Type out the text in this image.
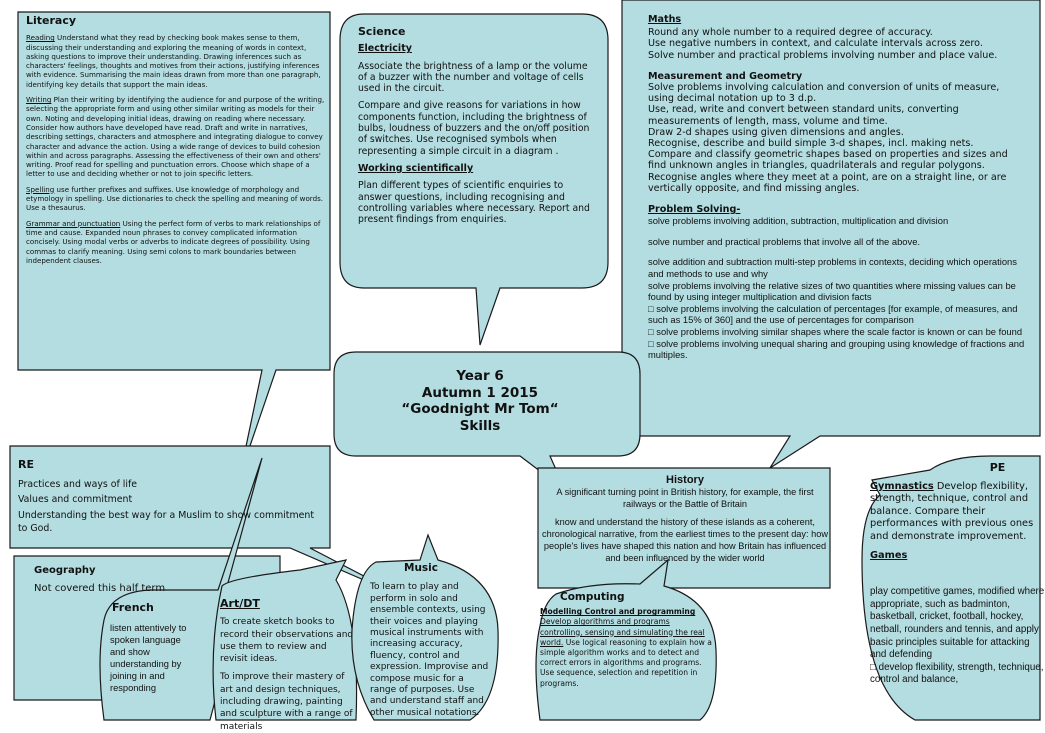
Literacy

Reading Understand what they read by checking book makes sense to them, discussing their understanding and exploring the meaning of words in context, asking questions to improve their understanding. Drawing inferences such as characters' feelings, thoughts and motives from their actions, justifying inferences with evidence. Summarising the main ideas drawn from more than one paragraph, identifying key details that support the main ideas.

Writing Plan their writing by identifying the audience for and purpose of the writing, selecting the appropriate form and using other similar writing as models for their own. Noting and developing initial ideas, drawing on reading where necessary. Consider how authors have developed have read. Draft and write in narratives, describing settings, characters and atmosphere and integrating dialogue to convey character and advance the action. Using a wide range of devices to build cohesion within and across paragraphs. Assessing the effectiveness of their own and others' writing. Proof read for spelling and punctuation errors. Choose which shape of a letter to use and deciding whether or not to join specific letters.

Spelling use further prefixes and suffixes. Use knowledge of morphology and etymology in spelling. Use dictionaries to check the spelling and meaning of words. Use a thesaurus.

Grammar and punctuation Using the perfect form of verbs to mark relationships of time and cause. Expanded noun phrases to convey complicated information concisely. Using modal verbs or adverbs to indicate degrees of possibility. Using commas to clarify meaning. Using semi colons to mark boundaries between independent clauses.

Science

Electricity

Associate the brightness of a lamp or the volume of a buzzer with the number and voltage of cells used in the circuit.

Compare and give reasons for variations in how components function, including the brightness of bulbs, loudness of buzzers and the on/off position of switches. Use recognised symbols when representing a simple circuit in a diagram .

Working scientifically

Plan different types of scientific enquiries to answer questions, including recognising and controlling variables where necessary. Report and present findings from enquiries.

Maths
Round any whole number to a required degree of accuracy.
Use negative numbers in context, and calculate intervals across zero.
Solve number and practical problems involving number and place value.
Measurement and Geometry
Solve problems involving calculation and conversion of units of measure, using decimal notation up to 3 d.p.
Use, read, write and convert between standard units, converting measurements of length, mass, volume and time.
Draw 2-d shapes using given dimensions and angles.
Recognise, describe and build simple 3-d shapes, incl. making nets.
Compare and classify geometric shapes based on properties and sizes and find unknown angles in triangles, quadrilaterals and regular polygons.
Recognise angles where they meet at a point, are on a straight line, or are vertically opposite, and find missing angles.
Problem Solving-
solve problems involving addition, subtraction, multiplication and division
solve number and practical problems that involve all of the above.
solve addition and subtraction multi-step problems in contexts, deciding which operations and methods to use and why
solve problems involving the relative sizes of two quantities where missing values can be found by using integer multiplication and division facts
□ solve problems involving the calculation of percentages [for example, of measures, and such as 15% of 360] and the use of percentages for comparison
□ solve problems involving similar shapes where the scale factor is known or can be found
□ solve problems involving unequal sharing and grouping using knowledge of fractions and multiples.
Year 6
Autumn 1 2015
“Goodnight Mr Tom“
Skills
RE

Practices and ways of life

Values and commitment

Understanding the best way for a Muslim to show commitment to God.

History

A significant turning point in British history, for example, the first railways or the Battle of Britain

know and understand the history of these islands as a coherent, chronological narrative, from the earliest times to the present day: how people's lives have shaped this nation and how Britain has influenced and been influenced by the wider world

PE

Gymnastics Develop flexibility, strength, technique, control and balance. Compare their performances with previous ones and demonstrate improvement.

Games

play competitive games, modified where appropriate, such as badminton, basketball, cricket, football, hockey, netball, rounders and tennis, and apply basic principles suitable for attacking and defending
□ develop flexibility, strength, technique, control and balance,
Geography
Not covered this half term
Music
To learn to play and perform in solo and ensemble contexts, using their voices and playing musical instruments with increasing accuracy, fluency, control and expression. Improvise and compose music for a range of purposes. Use and understand staff and other musical notations.
French
listen attentively to spoken language and show understanding by joining in and responding
Art/DT

To create sketch books to record their observations and use them to review and revisit ideas.

To improve their mastery of art and design techniques, including drawing, painting and sculpture with a range of materials

Computing
Modelling Control and programming Develop algorithms and programs controlling, sensing and simulating the real world. Use logical reasoning to explain how a simple algorithm works and to detect and correct errors in algorithms and programs. Use sequence, selection and repetition in programs.
